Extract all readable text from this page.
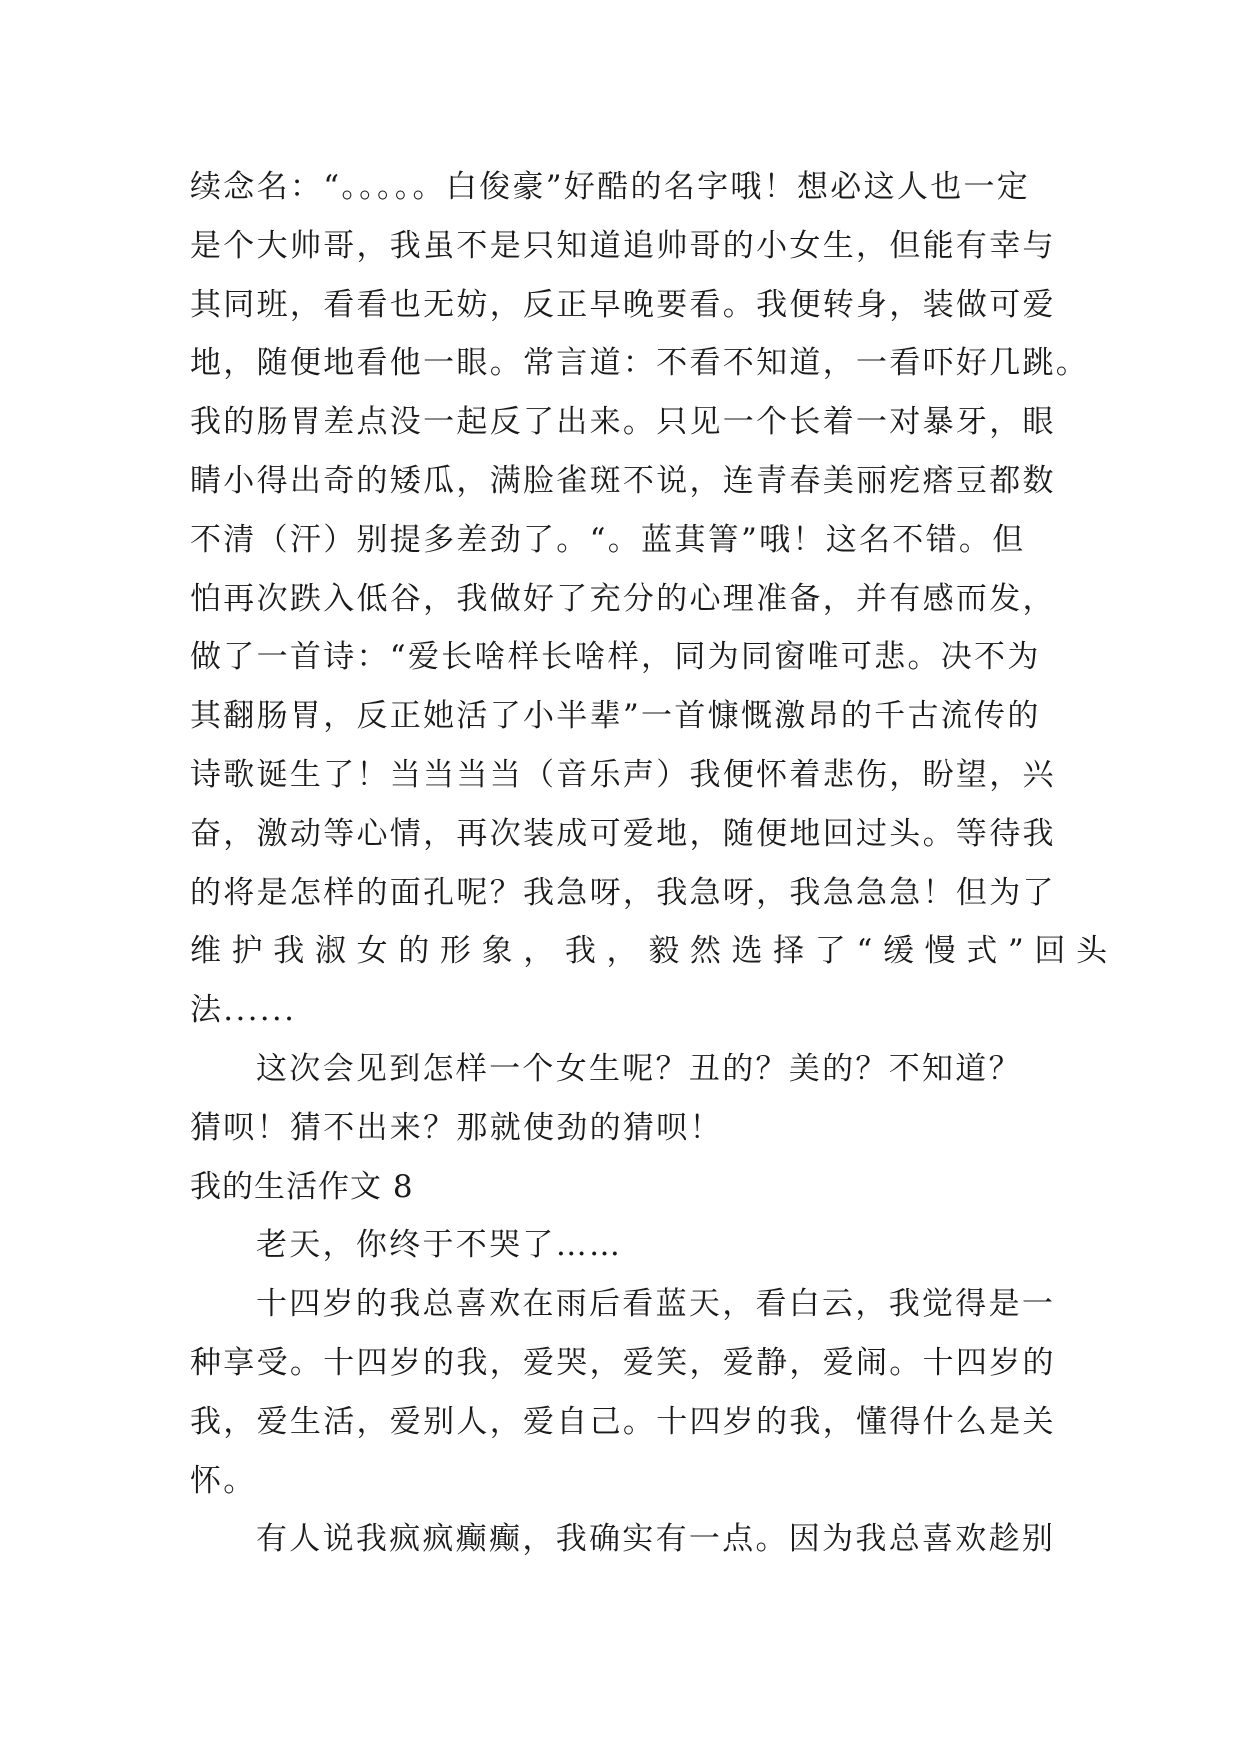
续念名：“。。。。。白俊豪”好酷的名字哦！想必这人也一定
是个大帅哥，我虽不是只知道追帅哥的小女生，但能有幸与
其同班，看看也无妨，反正早晚要看。我便转身，装做可爱
地，随便地看他一眼。常言道：不看不知道，一看吓好几跳。
我的肠胃差点没一起反了出来。只见一个长着一对暴牙，眼
睛小得出奇的矮瓜，满脸雀斑不说，连青春美丽疙瘩豆都数
不清（汗）别提多差劲了。“。蓝萁箐”哦！这名不错。但
怕再次跌入低谷，我做好了充分的心理准备，并有感而发，
做了一首诗：“爱长啥样长啥样，同为同窗唯可悲。决不为
其翻肠胃，反正她活了小半辈”一首慷慨激昂的千古流传的
诗歌诞生了！当当当当（音乐声）我便怀着悲伤，盼望，兴
奋，激动等心情，再次装成可爱地，随便地回过头。等待我
的将是怎样的面孔呢？我急呀，我急呀，我急急急！但为了
维 护 我 淑 女 的 形 象 ， 我 ， 毅 然 选 择 了 “ 缓 慢 式 ” 回 头
法......
这次会见到怎样一个女生呢？丑的？美的？不知道？
猜呗！猜不出来？那就使劲的猜呗！
我的生活作文 8
老天，你终于不哭了……
十四岁的我总喜欢在雨后看蓝天，看白云，我觉得是一
种享受。十四岁的我，爱哭，爱笑，爱静，爱闹。十四岁的
我，爱生活，爱别人，爱自己。十四岁的我，懂得什么是关
怀。
有人说我疯疯癫癫，我确实有一点。因为我总喜欢趁别
